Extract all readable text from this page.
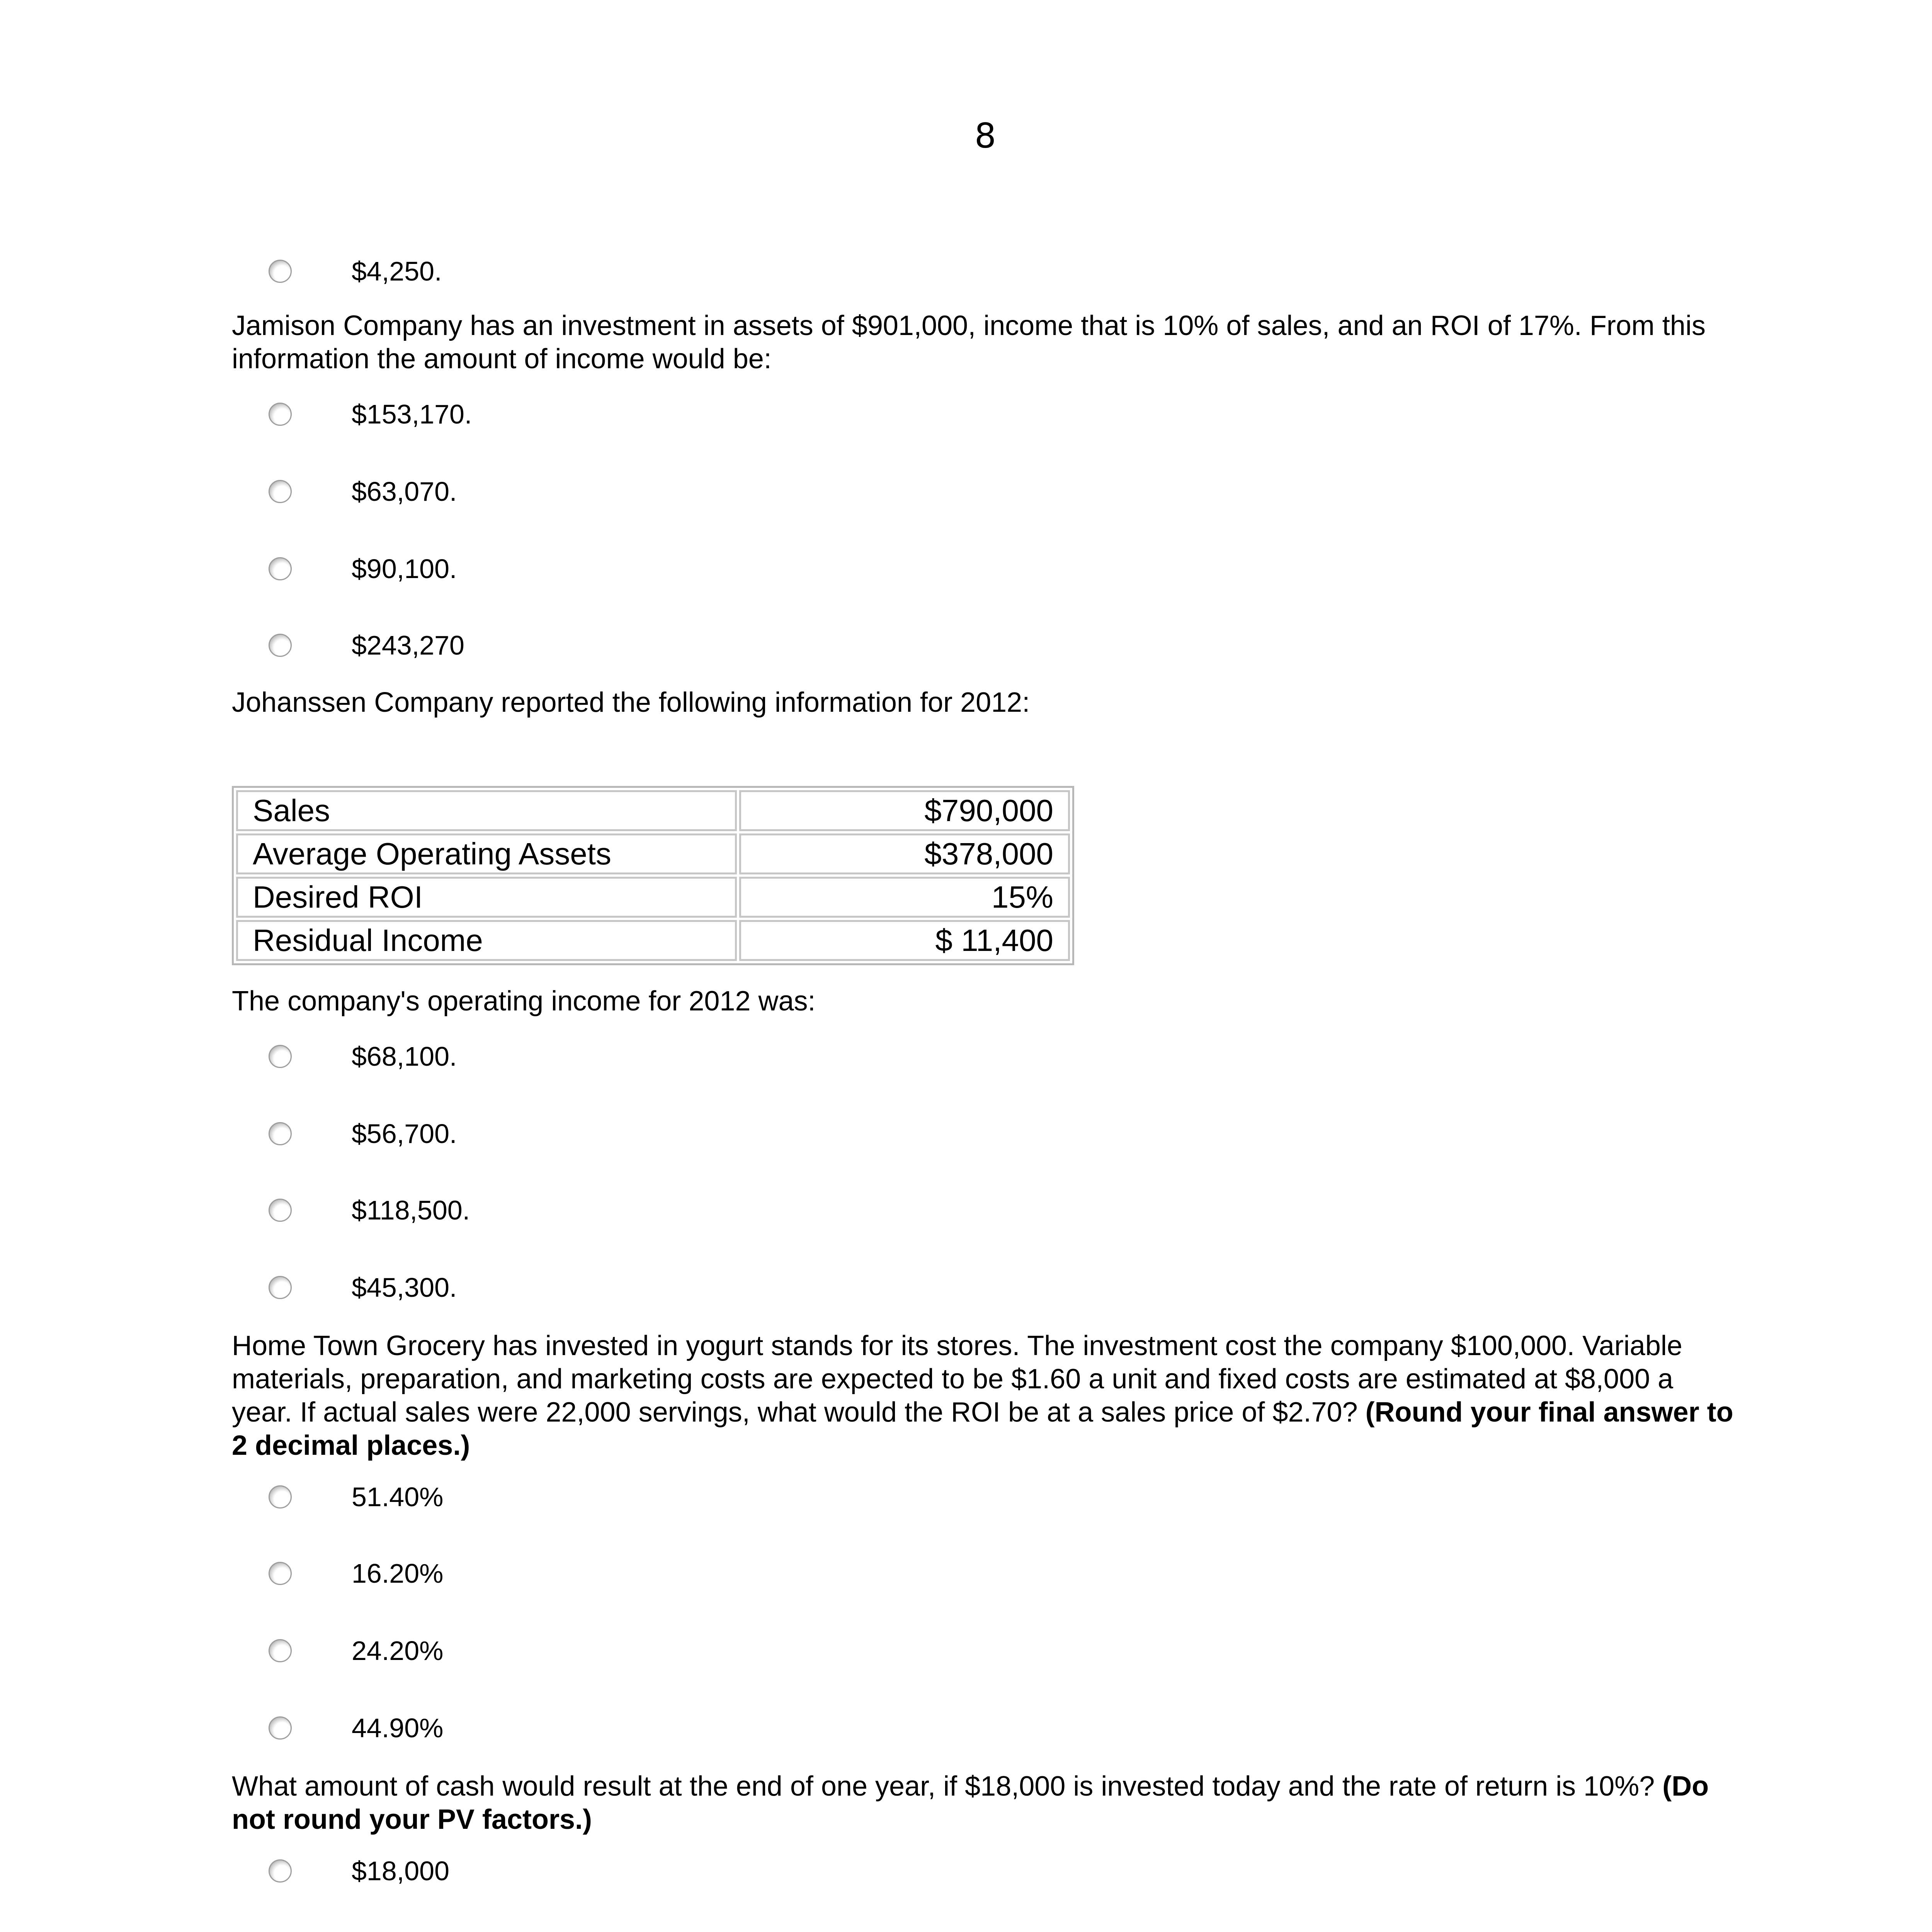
8
$4,250.
Jamison Company has an investment in assets of $901,000, income that is 10% of sales, and an ROI of 17%. From this information the amount of income would be:
$153,170.
$63,070.
$90,100.
$243,270
Johanssen Company reported the following information for 2012:
Sales	$790,000
Average Operating Assets	$378,000
Desired ROI	15%
Residual Income	$ 11,400
The company's operating income for 2012 was:
$68,100.
$56,700.
$118,500.
$45,300.
Home Town Grocery has invested in yogurt stands for its stores. The investment cost the company $100,000. Variable materials, preparation, and marketing costs are expected to be $1.60 a unit and fixed costs are estimated at $8,000 a year. If actual sales were 22,000 servings, what would the ROI be at a sales price of $2.70? (Round your final answer to 2 decimal places.)
51.40%
16.20%
24.20%
44.90%
What amount of cash would result at the end of one year, if $18,000 is invested today and the rate of return is 10%? (Do not round your PV factors.)
$18,000
